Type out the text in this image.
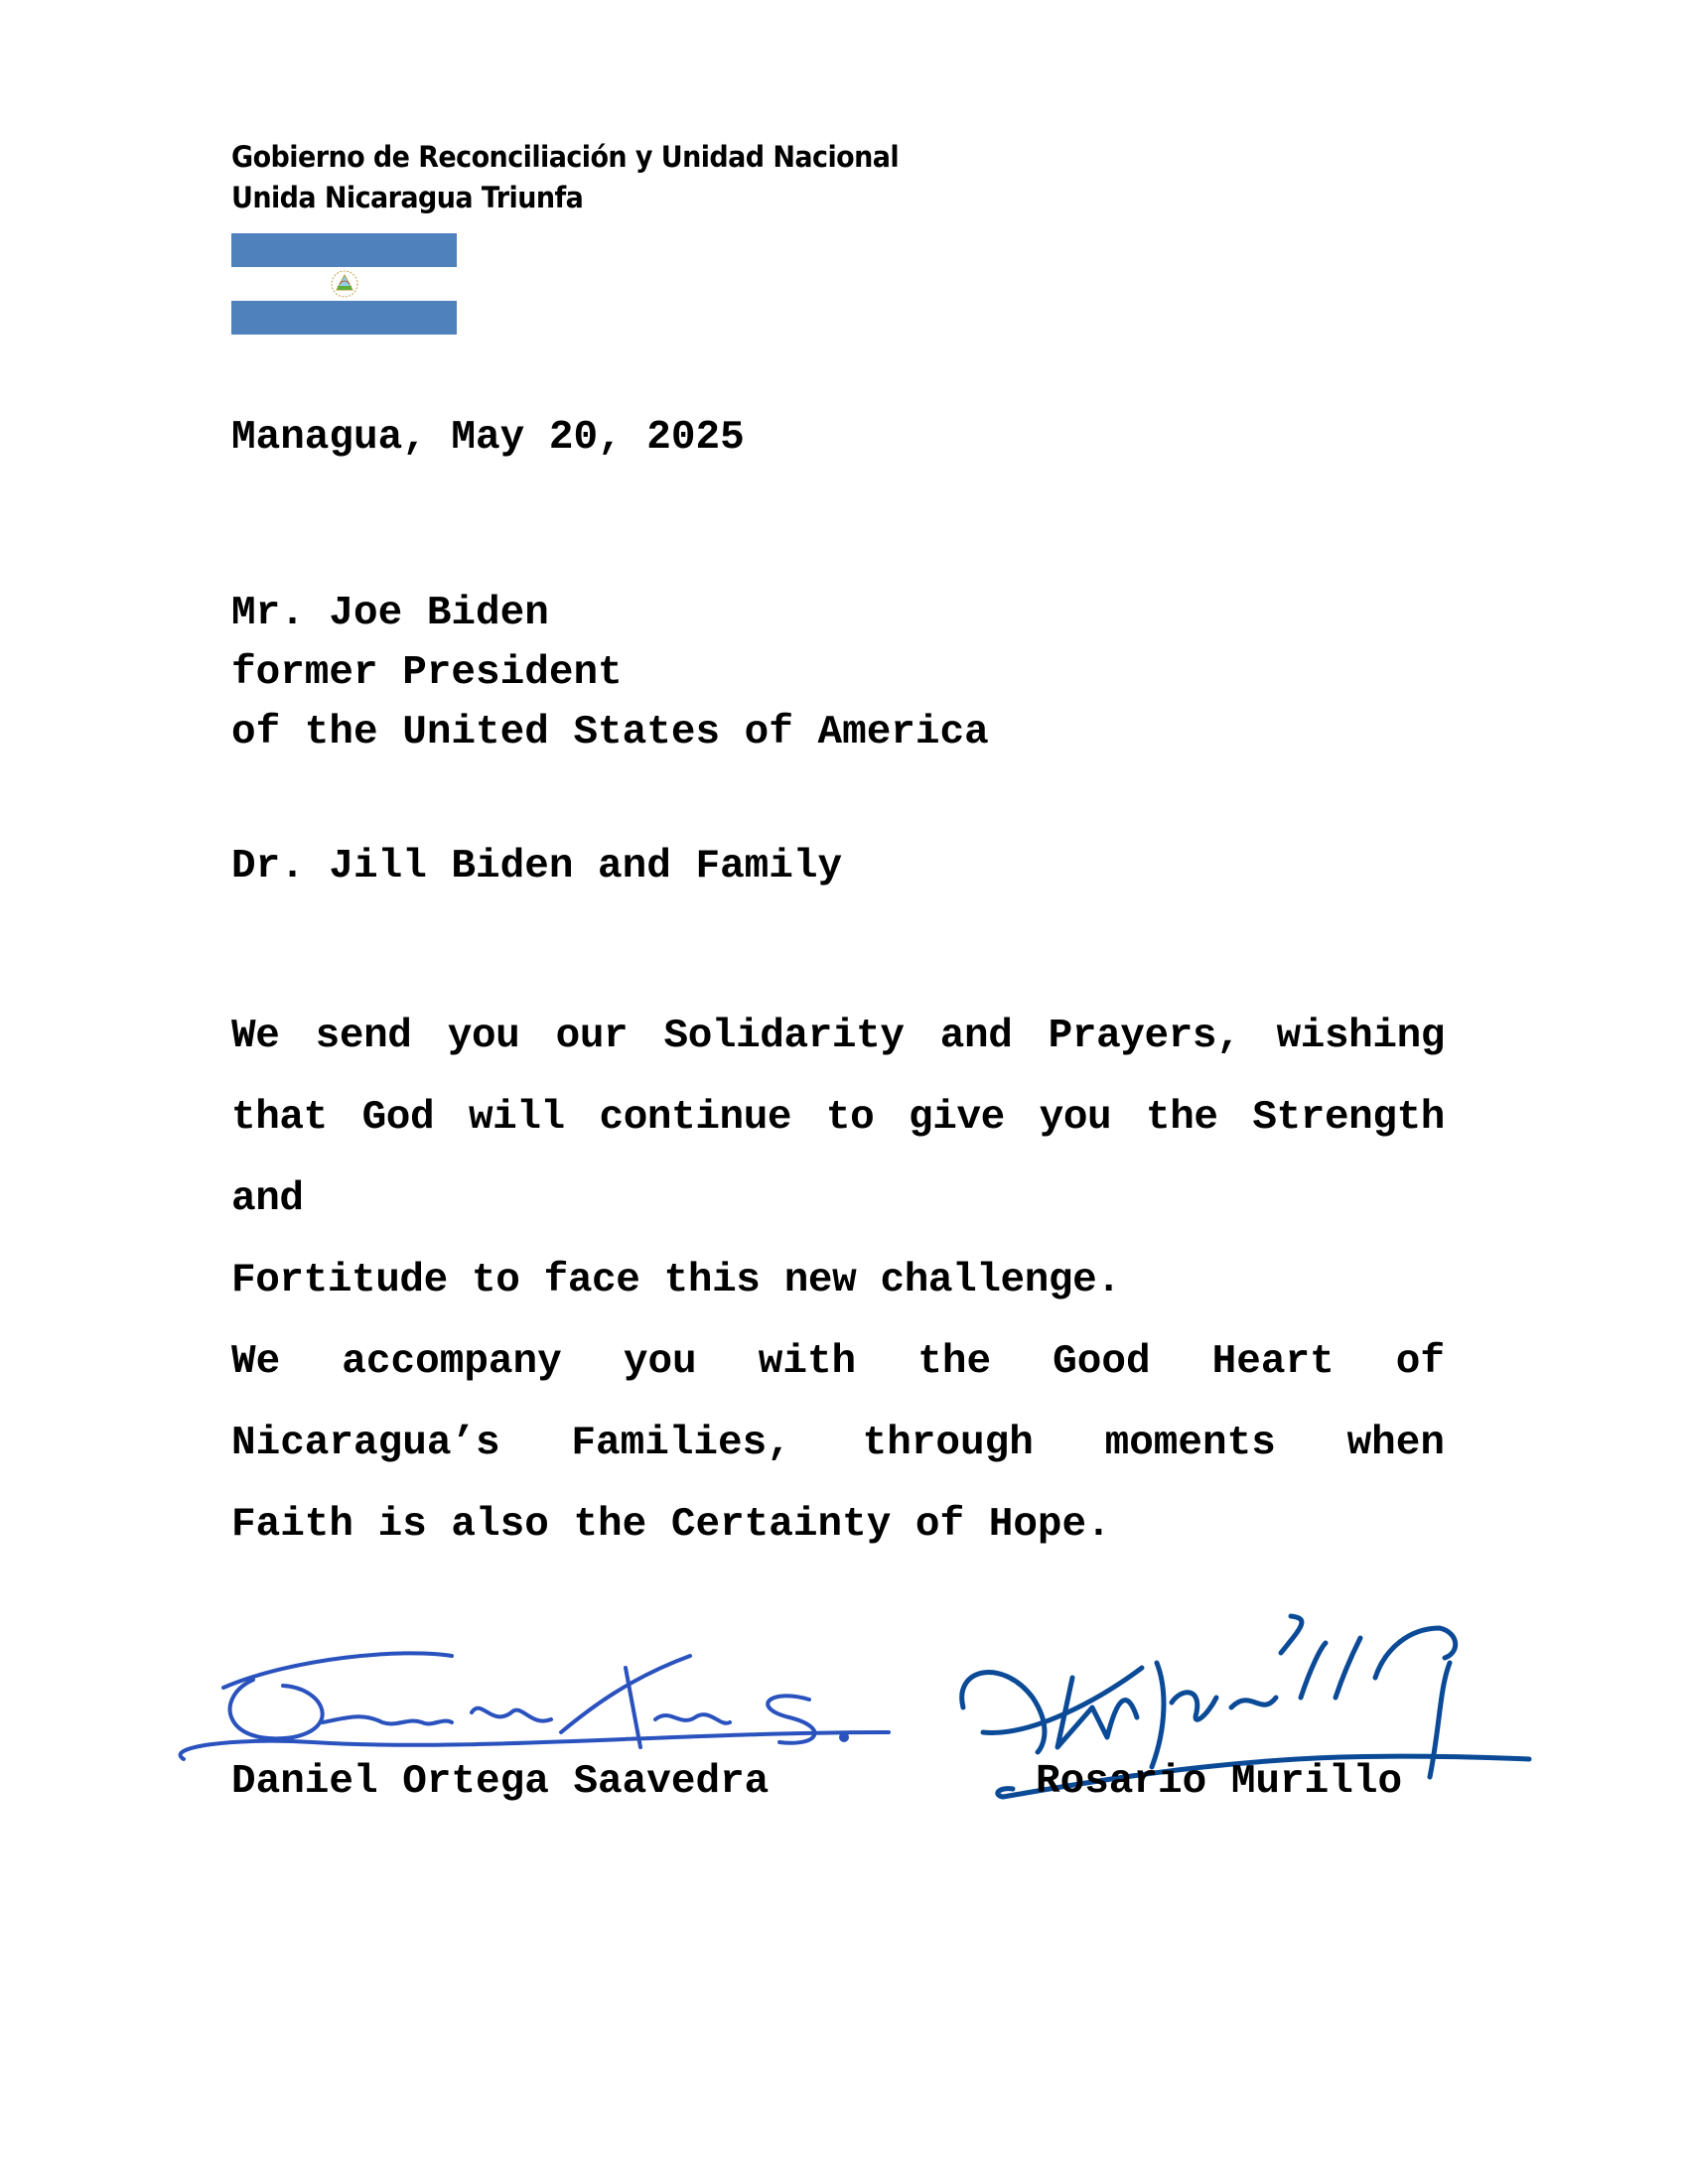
Gobierno de Reconciliación y Unidad Nacional
Unida Nicaragua Triunfa
Managua, May 20, 2025
Mr. Joe Biden
former President
of the United States of America
Dr. Jill Biden and Family
We send you our Solidarity and Prayers, wishing
that God will continue to give you the Strength and
Fortitude to face this new challenge.
We accompany you with the Good Heart of
Nicaragua’s Families, through moments when
Faith is also the Certainty of Hope.
Daniel Ortega Saavedra	Rosario Murillo
